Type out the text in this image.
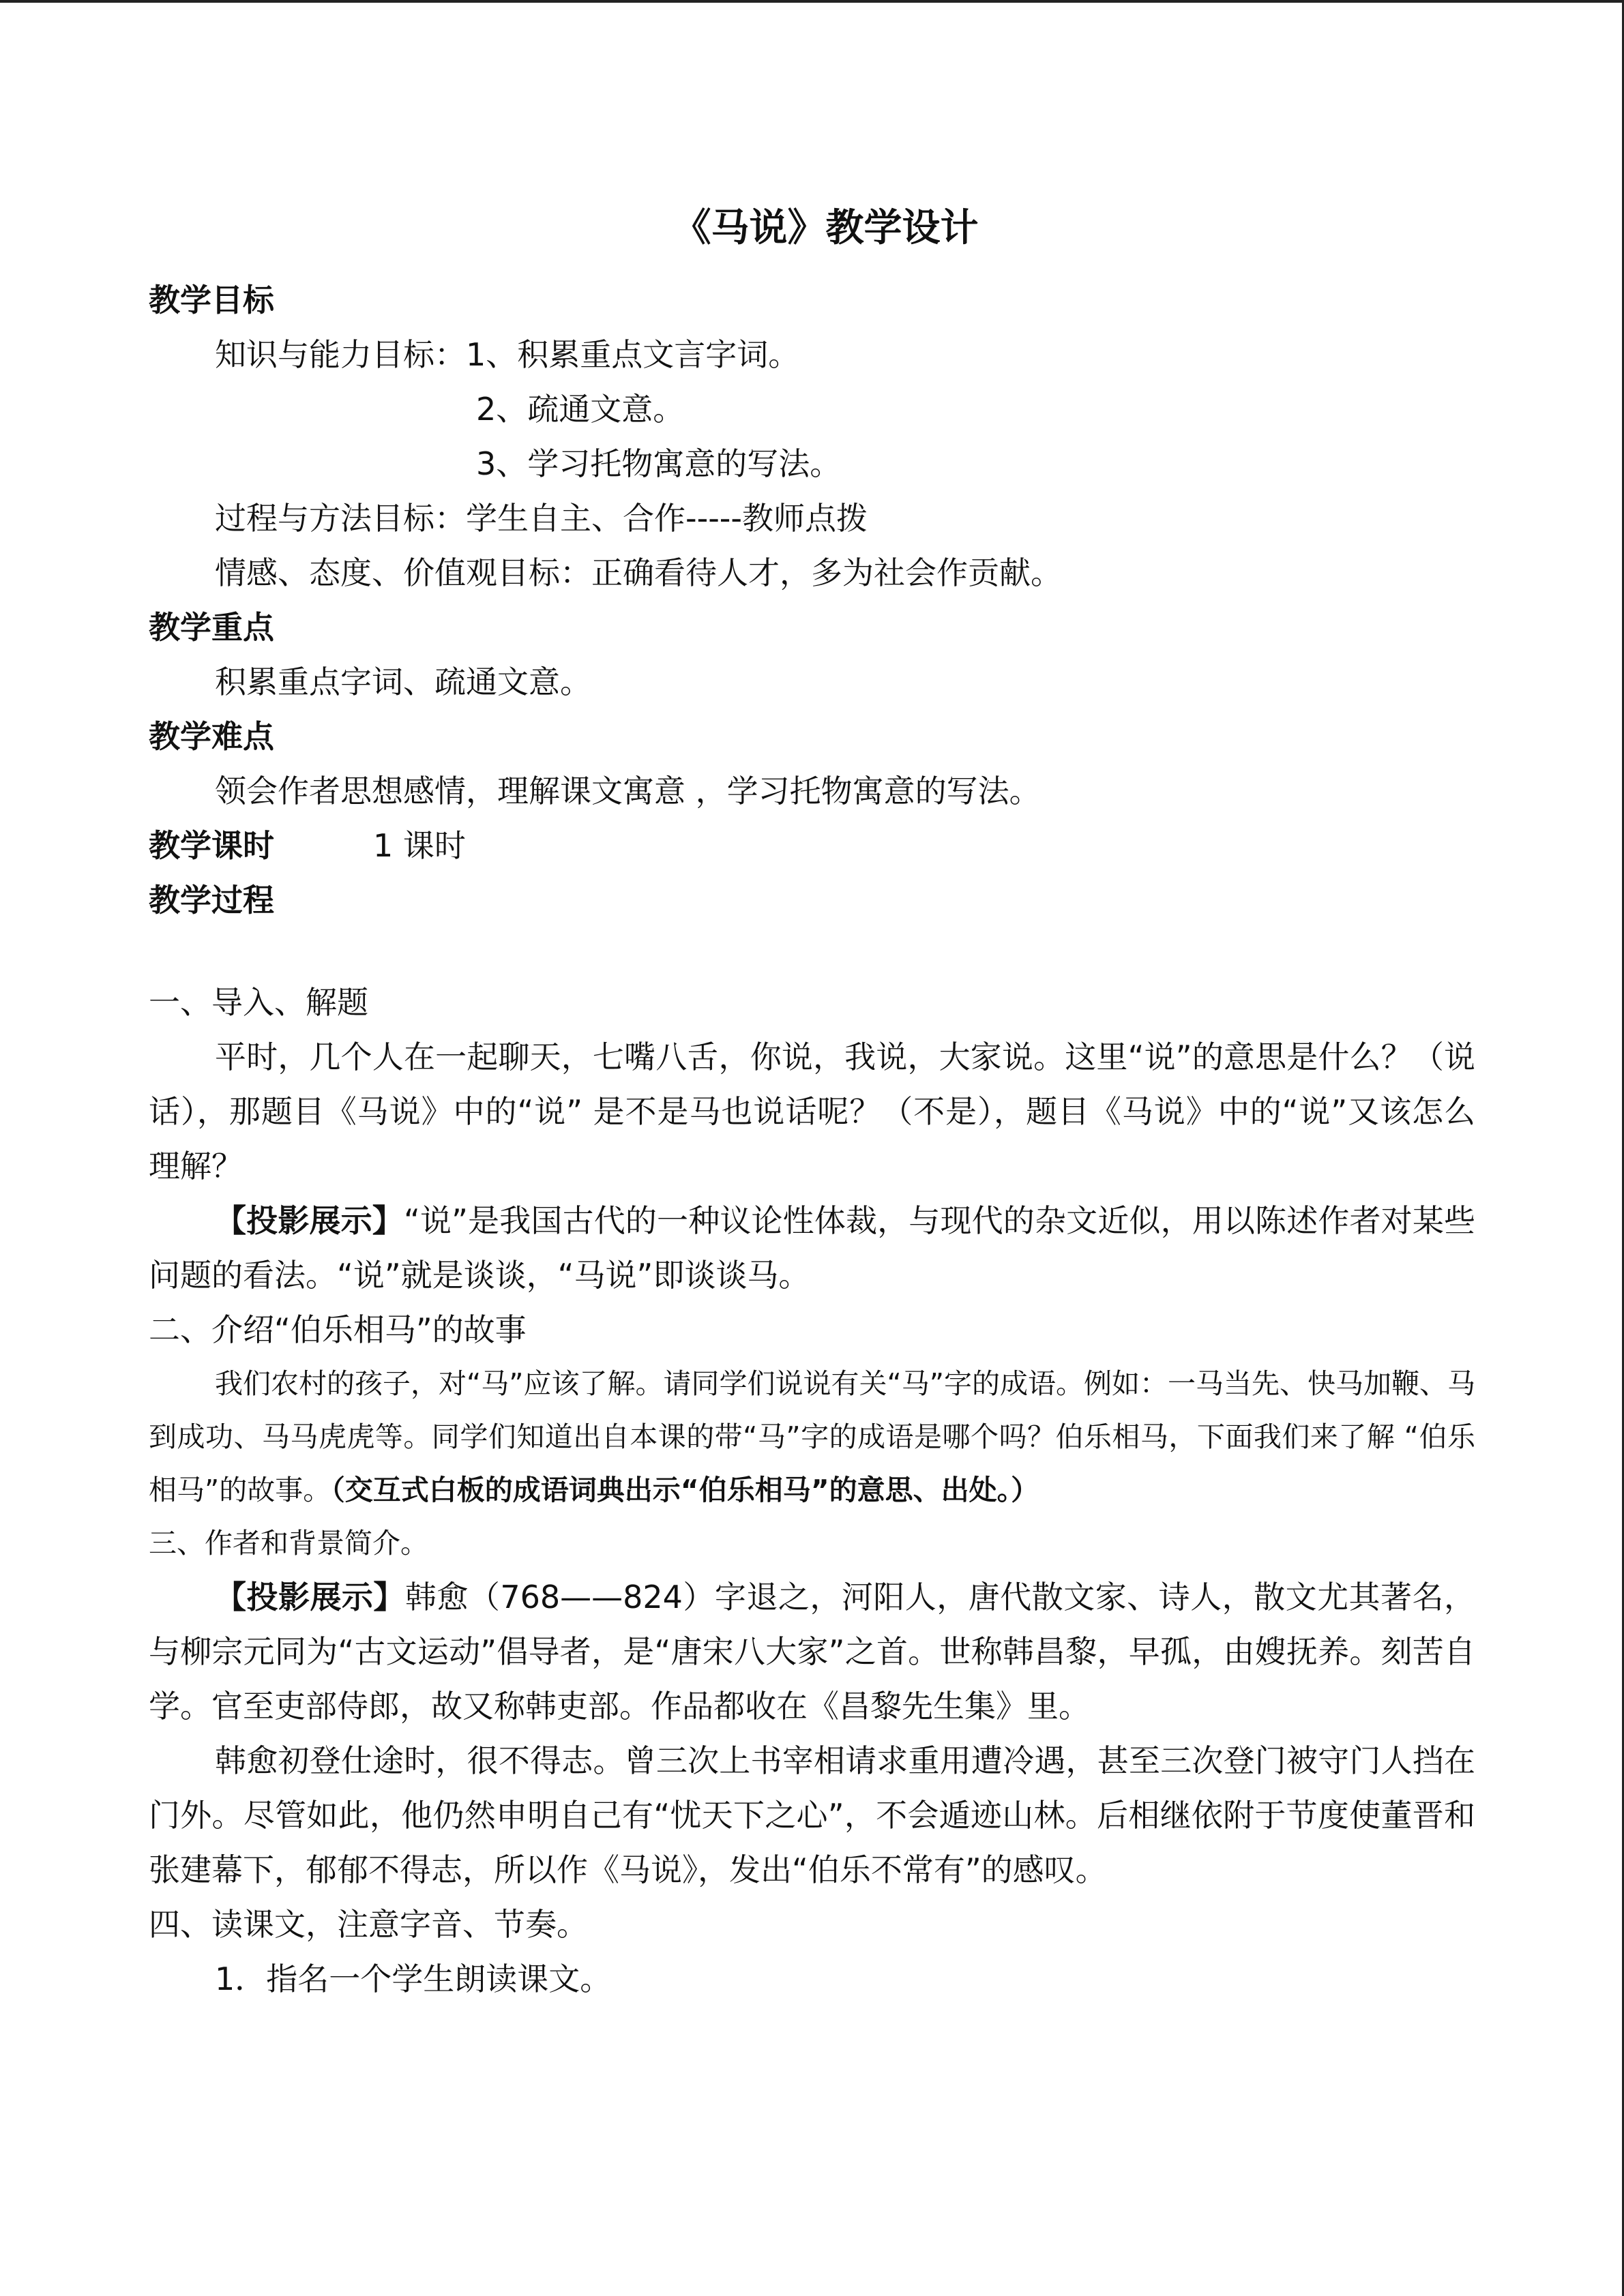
《马说》教学设计
教学目标
知识与能力目标：1、积累重点文言字词。
2、疏通文意。
3、学习托物寓意的写法。
过程与方法目标：学生自主、合作-----教师点拨
情感、态度、价值观目标：正确看待人才，多为社会作贡献。
教学重点
积累重点字词、疏通文意。
教学难点
领会作者思想感情，理解课文寓意 ，学习托物寓意的写法。
教学课时	1 课时
教学过程
一、导入、解题
平时，几个人在一起聊天，七嘴八舌，你说，我说，大家说。这里“说”的意思是什么？（说话），那题目《马说》中的“说” 是不是马也说话呢？（不是），题目《马说》中的“说”又该怎么理解？
【投影展示】“说”是我国古代的一种议论性体裁，与现代的杂文近似，用以陈述作者对某些问题的看法。“说”就是谈谈，“马说”即谈谈马。
二、介绍“伯乐相马”的故事
我们农村的孩子，对“马”应该了解。请同学们说说有关“马”字的成语。例如：一马当先、快马加鞭、马到成功、马马虎虎等。同学们知道出自本课的带“马”字的成语是哪个吗？伯乐相马，下面我们来了解 “伯乐相马”的故事。（交互式白板的成语词典出示“伯乐相马”的意思、出处。）
三、作者和背景简介。
【投影展示】韩愈（768——824）字退之，河阳人，唐代散文家、诗人，散文尤其著名，与柳宗元同为“古文运动”倡导者，是“唐宋八大家”之首。世称韩昌黎，早孤，由嫂抚养。刻苦自学。官至吏部侍郎，故又称韩吏部。作品都收在《昌黎先生集》里。
韩愈初登仕途时，很不得志。曾三次上书宰相请求重用遭冷遇，甚至三次登门被守门人挡在门外。尽管如此，他仍然申明自己有“忧天下之心”，不会遁迹山林。后相继依附于节度使董晋和张建幕下，郁郁不得志，所以作《马说》，发出“伯乐不常有”的感叹。
四、读课文，注意字音、节奏。
1．指名一个学生朗读课文。
